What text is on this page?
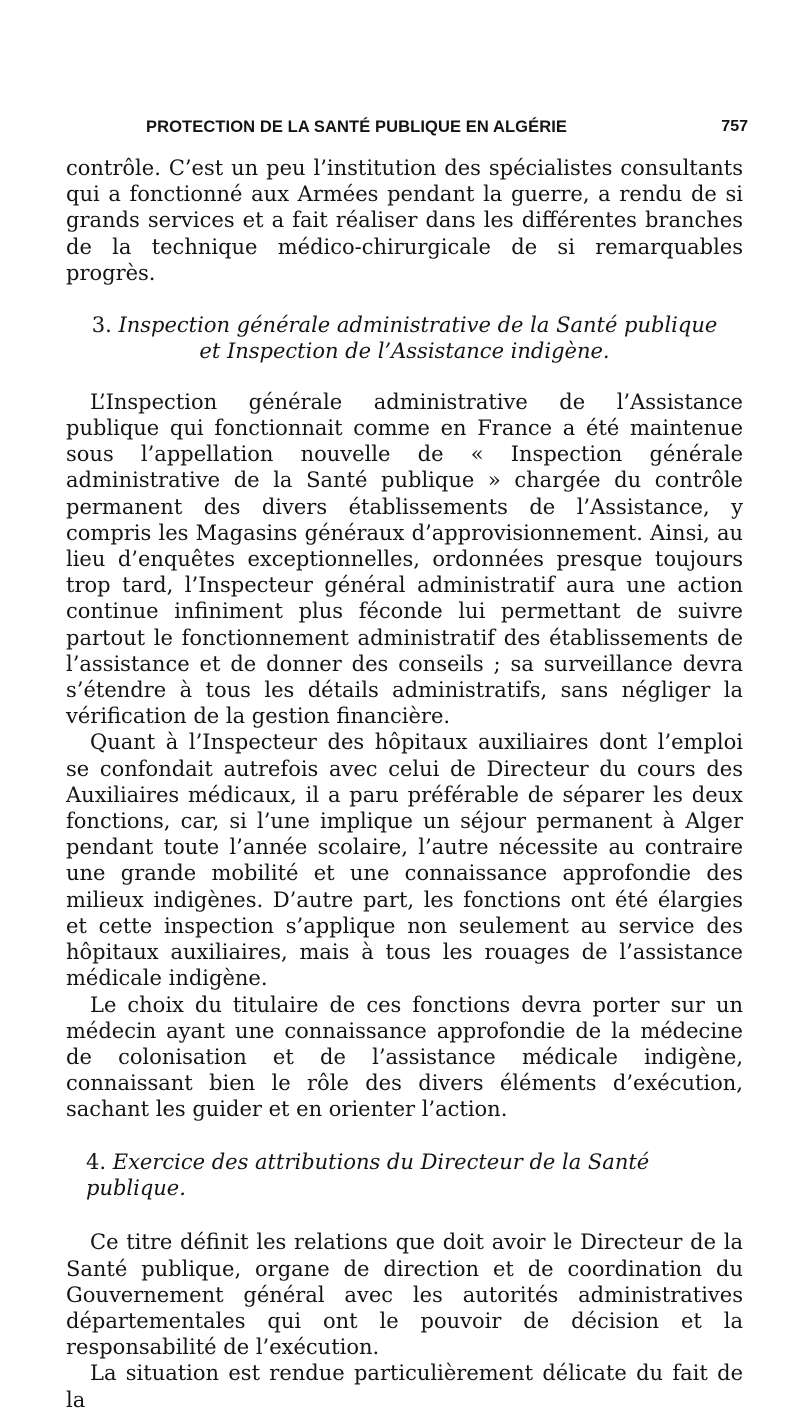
PROTECTION DE LA SANTÉ PUBLIQUE EN ALGÉRIE	757

contrôle. C’est un peu l’institution des spécialistes consultants qui a fonctionné aux Armées pendant la guerre, a rendu de si grands services et a fait réaliser dans les différentes branches de la technique médico-chirurgicale de si remarquables progrès.

3. Inspection générale administrative de la Santé publique
et Inspection de l’Assistance indigène.

L’Inspection générale administrative de l’Assistance publique qui fonctionnait comme en France a été maintenue sous l’appellation nouvelle de « Inspection générale administrative de la Santé publique » chargée du contrôle permanent des divers établissements de l’Assistance, y compris les Magasins généraux d’approvisionnement. Ainsi, au lieu d’enquêtes exceptionnelles, ordonnées presque toujours trop tard, l’Inspecteur général administratif aura une action continue infiniment plus féconde lui permettant de suivre partout le fonctionnement administratif des établissements de l’assistance et de donner des conseils ; sa surveillance devra s’étendre à tous les détails administratifs, sans négliger la vérification de la gestion financière.

Quant à l’Inspecteur des hôpitaux auxiliaires dont l’emploi se confondait autrefois avec celui de Directeur du cours des Auxiliaires médicaux, il a paru préférable de séparer les deux fonctions, car, si l’une implique un séjour permanent à Alger pendant toute l’année scolaire, l’autre nécessite au contraire une grande mobilité et une connaissance approfondie des milieux indigènes. D’autre part, les fonctions ont été élargies et cette inspection s’applique non seulement au service des hôpitaux auxiliaires, mais à tous les rouages de l’assistance médicale indigène.

Le choix du titulaire de ces fonctions devra porter sur un médecin ayant une connaissance approfondie de la médecine de colonisation et de l’assistance médicale indigène, connaissant bien le rôle des divers éléments d’exécution, sachant les guider et en orienter l’action.

4. Exercice des attributions du Directeur de la Santé publique.

Ce titre définit les relations que doit avoir le Directeur de la Santé publique, organe de direction et de coordination du Gouvernement général avec les autorités administratives départementales qui ont le pouvoir de décision et la responsabilité de l’exécution.

La situation est rendue particulièrement délicate du fait de la
